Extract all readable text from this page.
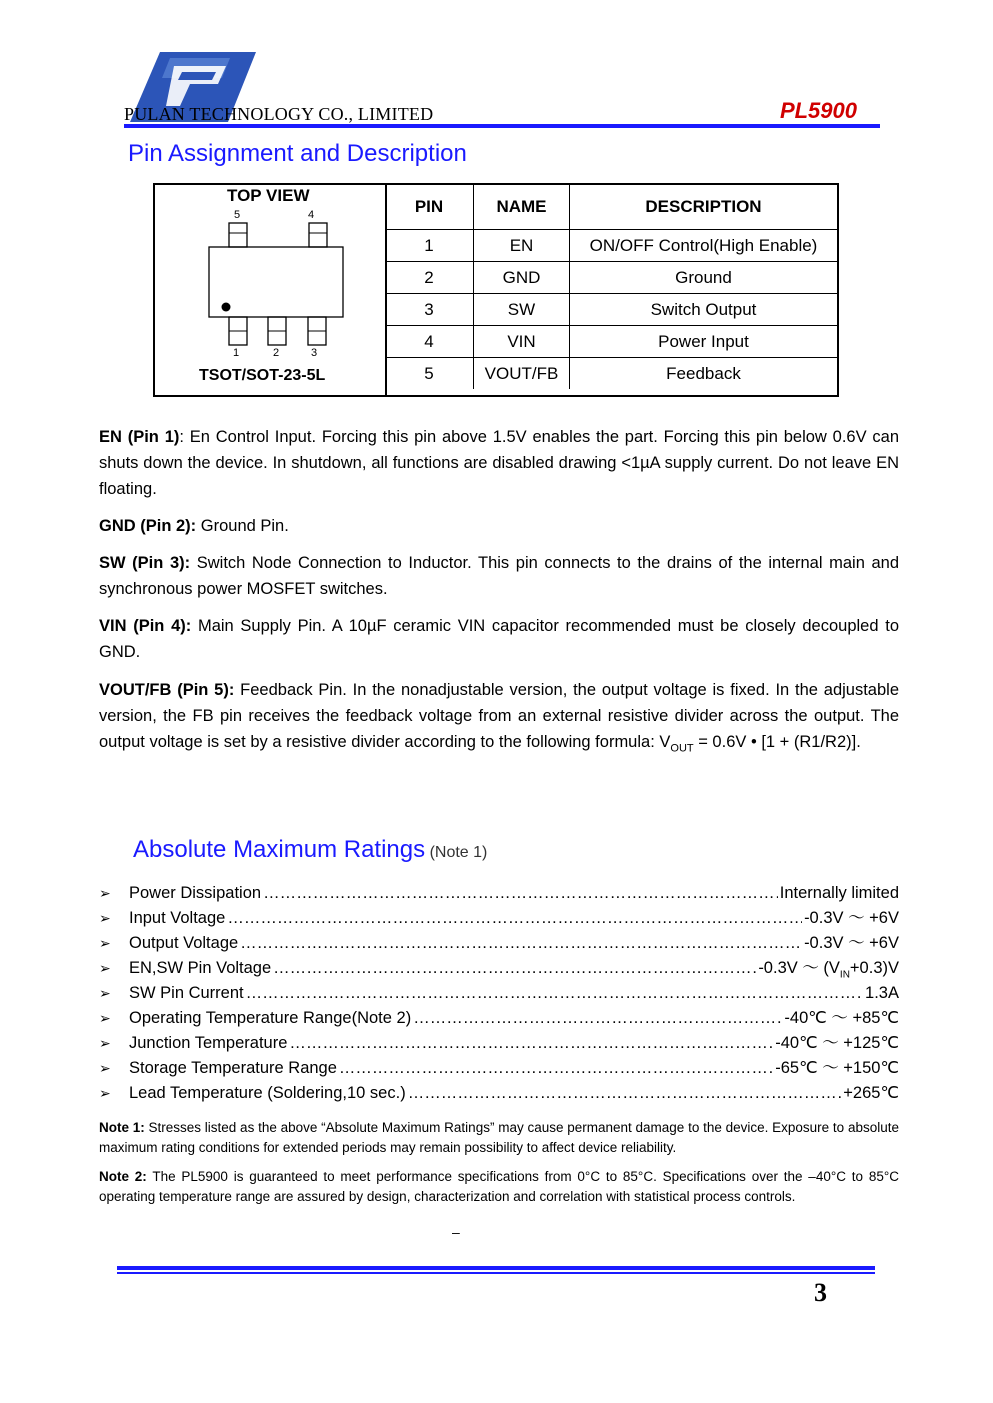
PULAN TECHNOLOGY CO., LIMITED	PL5900
Pin Assignment and Description
TOP VIEW
5	4
1	2	3
TSOT/SOT-23-5L
PIN	NAME	DESCRIPTION
1	EN	ON/OFF Control(High Enable)
2	GND	Ground
3	SW	Switch Output
4	VIN	Power Input
5	VOUT/FB	Feedback
EN (Pin 1): En Control Input. Forcing this pin above 1.5V enables the part. Forcing this pin below 0.6V can shuts down the device. In shutdown, all functions are disabled drawing <1µA supply current. Do not leave EN floating.
GND (Pin 2): Ground Pin.
SW (Pin 3): Switch Node Connection to Inductor. This pin connects to the drains of the internal main and synchronous power MOSFET switches.
VIN (Pin 4): Main Supply Pin. A 10µF ceramic VIN capacitor recommended must be closely decoupled to GND.
VOUT/FB (Pin 5): Feedback Pin. In the nonadjustable version, the output voltage is fixed. In the adjustable version, the FB pin receives the feedback voltage from an external resistive divider across the output. The output voltage is set by a resistive divider according to the following formula: $V_{OUT} = 0.6V$ • [1 + (R1/R2)].
Absolute Maximum Ratings (Note 1)
➢	Power Dissipation …………………………………………………………………………………………………………………………	Internally limited
➢	Input Voltage …………………………………………………………………………………………………………………………	-0.3V ～ +6V
➢	Output Voltage …………………………………………………………………………………………………………………………	-0.3V ～ +6V
➢	EN,SW Pin Voltage …………………………………………………………………………………………………………………………	-0.3V ～ $(V_{IN}+0.3)V$
➢	SW Pin Current …………………………………………………………………………………………………………………………	1.3A
➢	Operating Temperature Range(Note 2) …………………………………………………………………………………………………………………………	-40℃ ～ +85℃
➢	Junction Temperature …………………………………………………………………………………………………………………………	-40℃ ～ +125℃
➢	Storage Temperature Range …………………………………………………………………………………………………………………………	-65℃ ～ +150℃
➢	Lead Temperature (Soldering,10 sec.) …………………………………………………………………………………………………………………………	+265℃
Note 1: Stresses listed as the above “Absolute Maximum Ratings” may cause permanent damage to the device. Exposure to absolute maximum rating conditions for extended periods may remain possibility to affect device reliability.
Note 2: The PL5900 is guaranteed to meet performance specifications from 0°C to 85°C. Specifications over the –40°C to 85°C operating temperature range are assured by design, characterization and correlation with statistical process controls.
–
3
